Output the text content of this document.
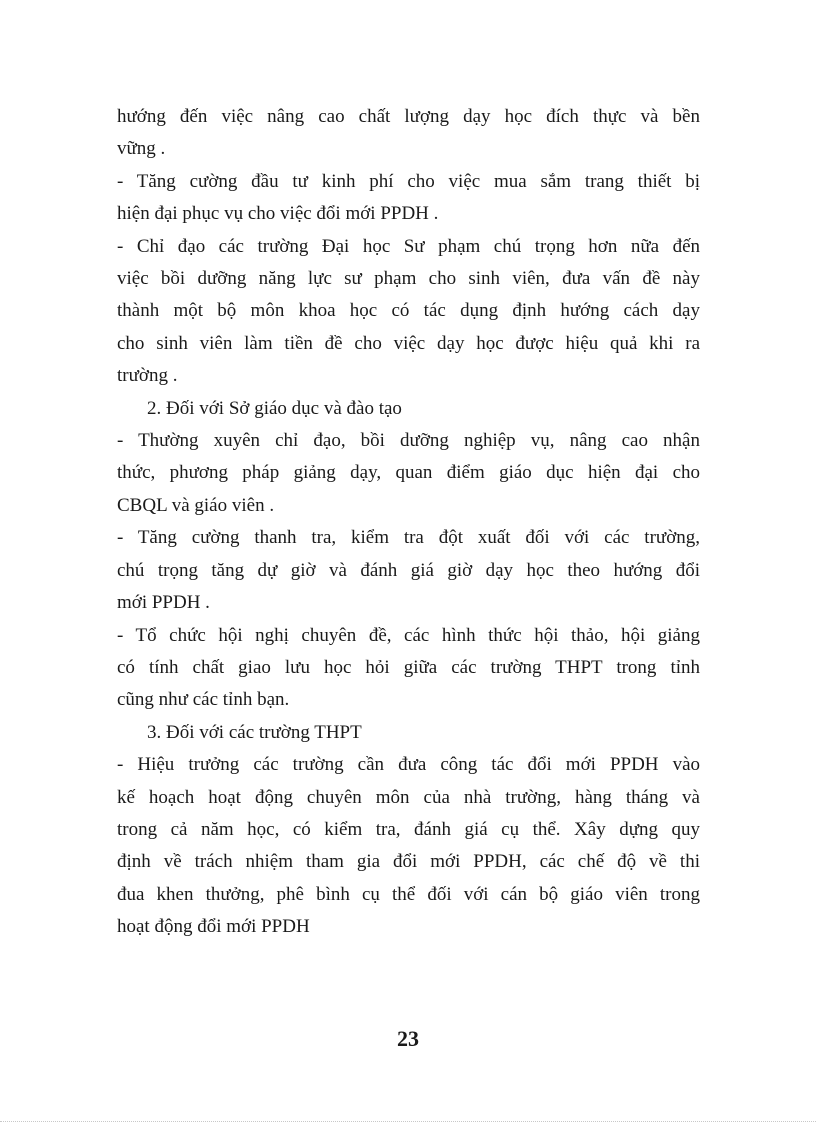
hướng đến việc nâng cao chất lượng dạy học đích thực và bền
vững .
- Tăng cường đầu tư kinh phí cho việc mua sắm trang thiết bị
hiện đại phục vụ cho việc đổi mới PPDH .
- Chỉ đạo các trường Đại học Sư phạm chú trọng hơn nữa đến
việc bồi dưỡng năng lực sư phạm cho sinh viên, đưa vấn đề này
thành một bộ môn khoa học có tác dụng định hướng cách dạy
cho sinh viên làm tiền đề cho việc dạy học được hiệu quả khi ra
trường .
2. Đối với Sở giáo dục và đào tạo
- Thường xuyên chỉ đạo, bồi dưỡng nghiệp vụ, nâng cao nhận
thức, phương pháp giảng dạy, quan điểm giáo dục hiện đại cho
CBQL và giáo viên .
- Tăng cường thanh tra, kiểm tra đột xuất đối với các trường,
chú trọng tăng dự giờ và đánh giá giờ dạy học theo hướng đổi
mới PPDH .
- Tổ chức hội nghị chuyên đề, các hình thức hội thảo, hội giảng
có tính chất giao lưu học hỏi giữa các trường THPT trong tỉnh
cũng như các tỉnh bạn.
3. Đối với các trường THPT
- Hiệu trưởng các trường cần đưa công tác đổi mới PPDH vào
kế hoạch hoạt động chuyên môn của nhà trường, hàng tháng và
trong cả năm học, có kiểm tra, đánh giá cụ thể. Xây dựng quy
định về trách nhiệm tham gia đổi mới PPDH, các chế độ về thi
đua khen thưởng, phê bình cụ thể đối với cán bộ giáo viên trong
hoạt động đổi mới PPDH
23
